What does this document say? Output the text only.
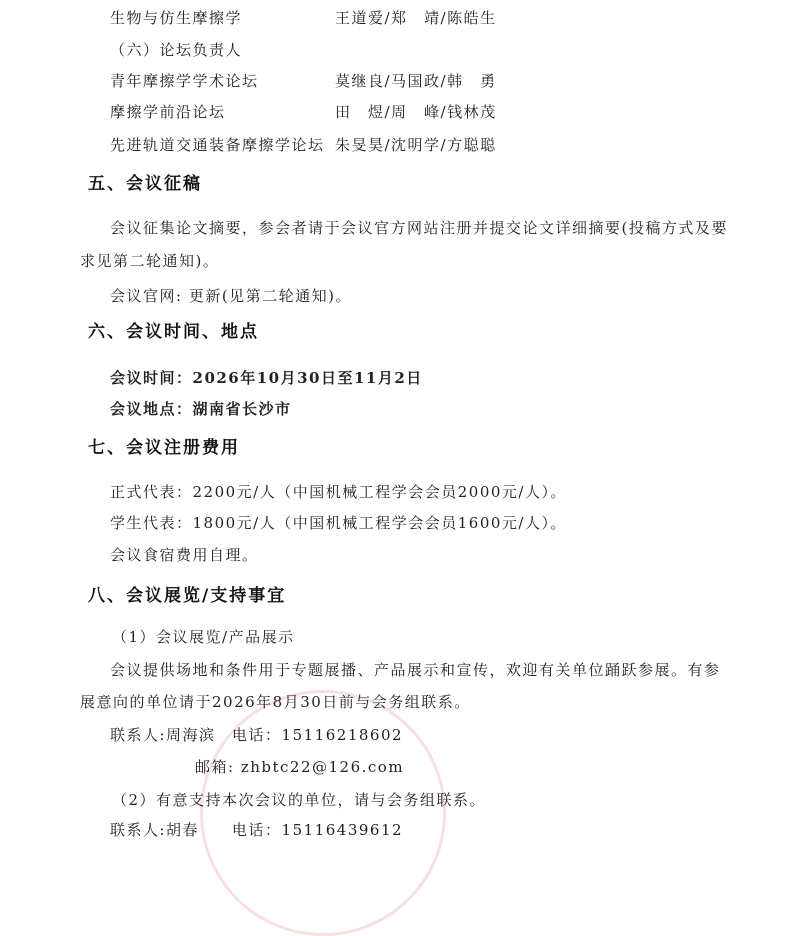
生物与仿生摩擦学	王道爱/郑　靖/陈皓生
（六）论坛负责人
青年摩擦学学术论坛	莫继良/马国政/韩　勇
摩擦学前沿论坛	田　煜/周　峰/钱林茂
先进轨道交通装备摩擦学论坛 朱旻昊/沈明学/方聪聪
五、会议征稿
会议征集论文摘要，参会者请于会议官方网站注册并提交论文详细摘要(投稿方式及要
求见第二轮通知)。
会议官网: 更新(见第二轮通知)。
六、会议时间、地点
会议时间：2026年10月30日至11月2日
会议地点：湖南省长沙市
七、会议注册费用
正式代表：2200元/人（中国机械工程学会会员2000元/人）。
学生代表：1800元/人（中国机械工程学会会员1600元/人）。
会议食宿费用自理。
八、会议展览/支持事宜
（1）会议展览/产品展示
会议提供场地和条件用于专题展播、产品展示和宣传，欢迎有关单位踊跃参展。有参
展意向的单位请于2026年8月30日前与会务组联系。
联系人:周海滨　电话：15116218602
邮箱: zhbtc22@126.com
（2）有意支持本次会议的单位，请与会务组联系。
联系人:胡春　　电话：15116439612
